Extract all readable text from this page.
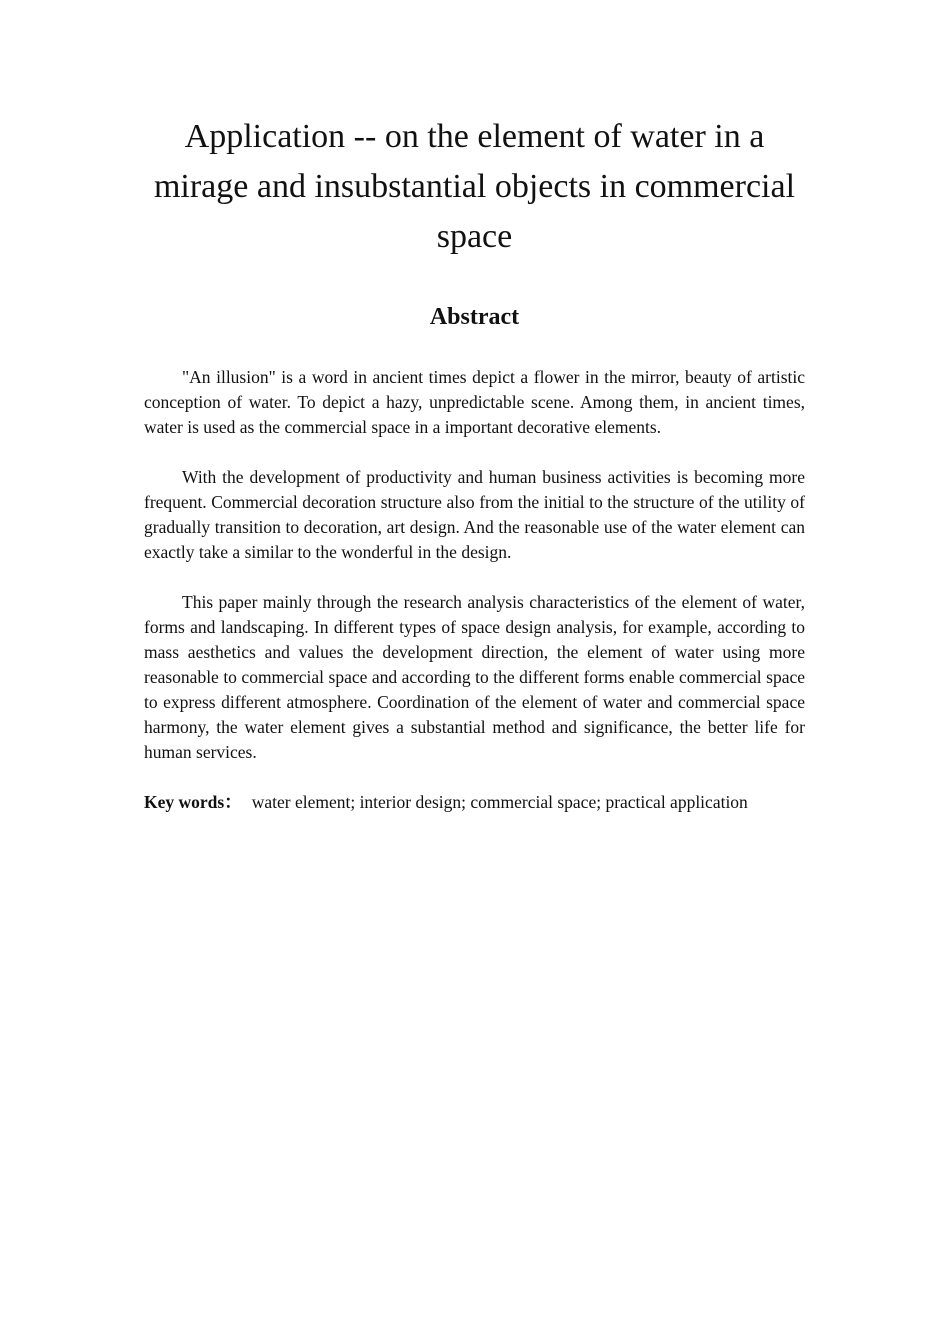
Application -- on the element of water in a mirage and insubstantial objects in commercial space
Abstract

"An illusion" is a word in ancient times depict a flower in the mirror, beauty of artistic conception of water. To depict a hazy, unpredictable scene. Among them, in ancient times, water is used as the commercial space in a important decorative elements.

With the development of productivity and human business activities is becoming more frequent. Commercial decoration structure also from the initial to the structure of the utility of gradually transition to decoration, art design. And the reasonable use of the water element can exactly take a similar to the wonderful in the design.

This paper mainly through the research analysis characteristics of the element of water, forms and landscaping. In different types of space design analysis, for example, according to mass aesthetics and values the development direction, the element of water using more reasonable to commercial space and according to the different forms enable commercial space to express different atmosphere. Coordination of the element of water and commercial space harmony, the water element gives a substantial method and significance, the better life for human services.

Key words： water element; interior design; commercial space; practical application
